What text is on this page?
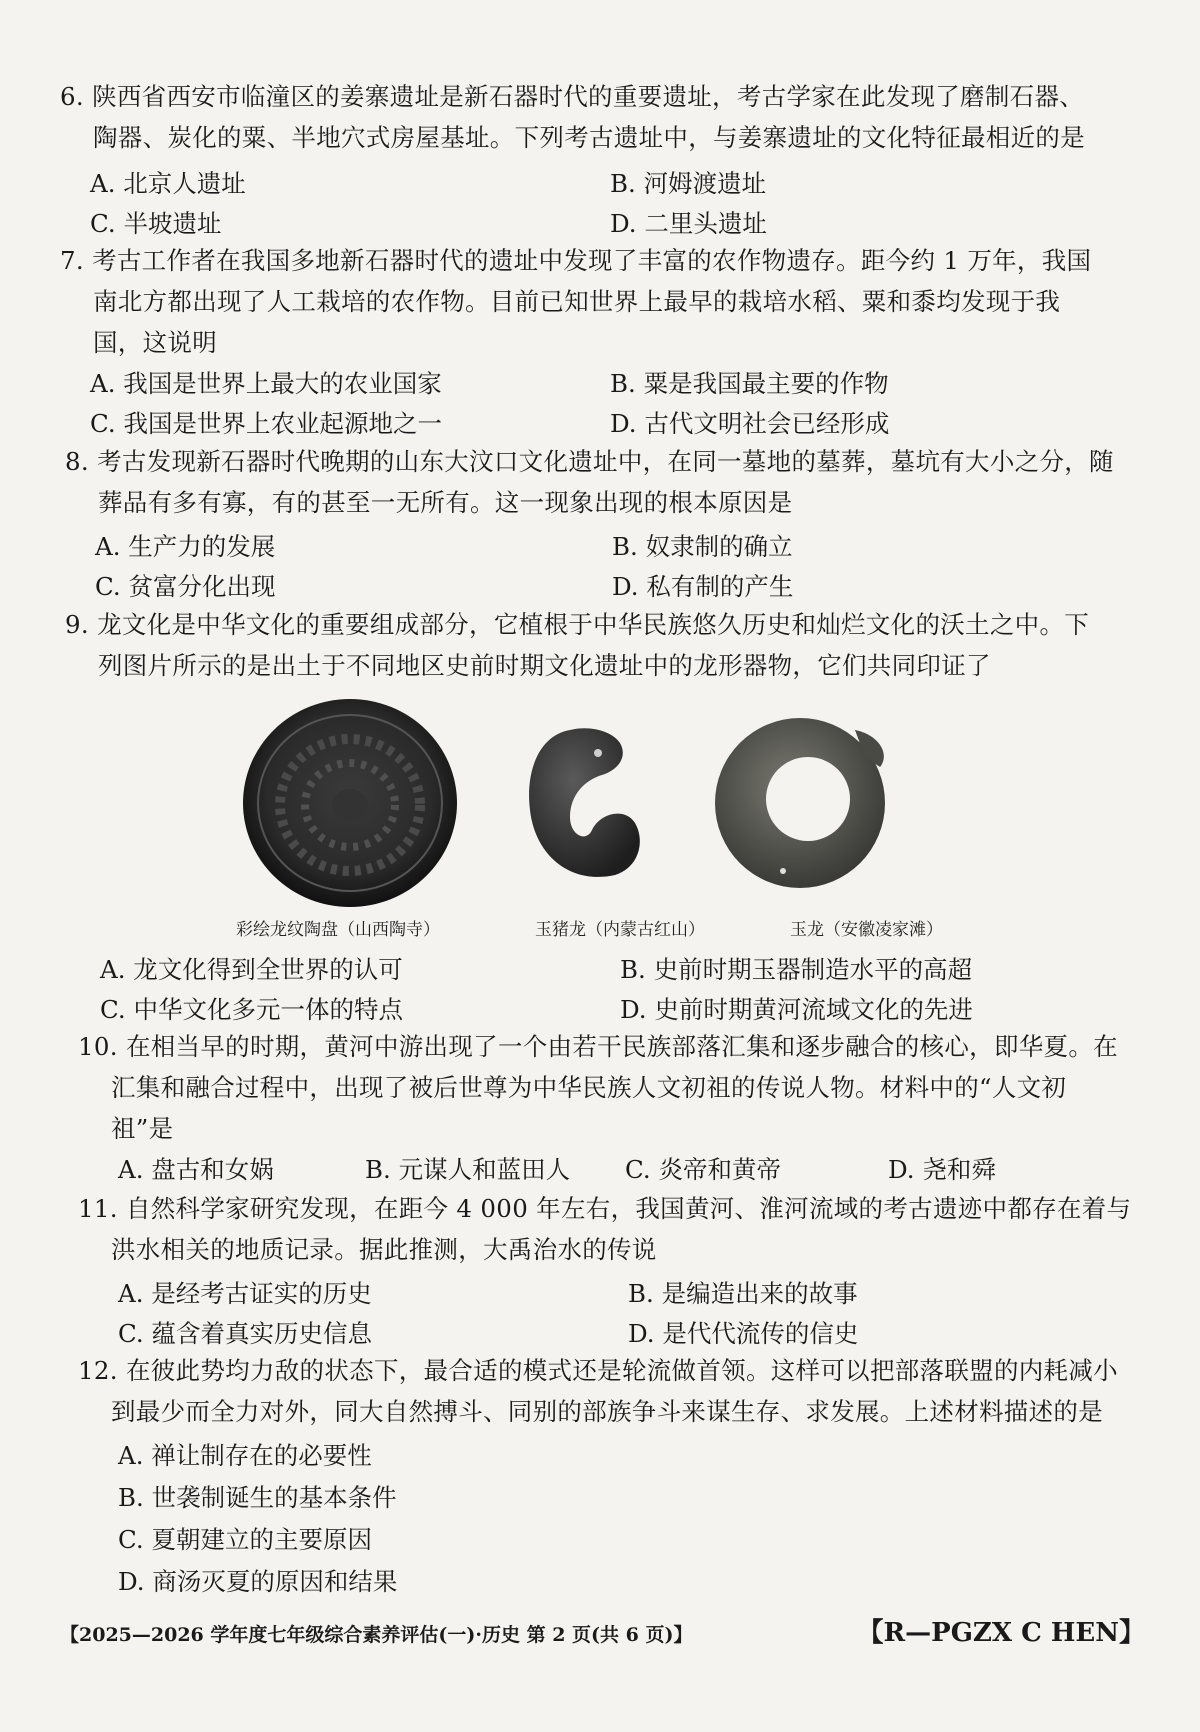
6. 陕西省西安市临潼区的姜寨遗址是新石器时代的重要遗址，考古学家在此发现了磨制石器、
陶器、炭化的粟、半地穴式房屋基址。下列考古遗址中，与姜寨遗址的文化特征最相近的是
A. 北京人遗址	B. 河姆渡遗址
C. 半坡遗址	D. 二里头遗址
7. 考古工作者在我国多地新石器时代的遗址中发现了丰富的农作物遗存。距今约 1 万年，我国
南北方都出现了人工栽培的农作物。目前已知世界上最早的栽培水稻、粟和黍均发现于我
国，这说明
A. 我国是世界上最大的农业国家	B. 粟是我国最主要的作物
C. 我国是世界上农业起源地之一	D. 古代文明社会已经形成
8. 考古发现新石器时代晚期的山东大汶口文化遗址中，在同一墓地的墓葬，墓坑有大小之分，随
葬品有多有寡，有的甚至一无所有。这一现象出现的根本原因是
A. 生产力的发展	B. 奴隶制的确立
C. 贫富分化出现	D. 私有制的产生
9. 龙文化是中华文化的重要组成部分，它植根于中华民族悠久历史和灿烂文化的沃土之中。下
列图片所示的是出土于不同地区史前时期文化遗址中的龙形器物，它们共同印证了
彩绘龙纹陶盘（山西陶寺）	玉猪龙（内蒙古红山）	玉龙（安徽凌家滩）
A. 龙文化得到全世界的认可	B. 史前时期玉器制造水平的高超
C. 中华文化多元一体的特点	D. 史前时期黄河流域文化的先进
10. 在相当早的时期，黄河中游出现了一个由若干民族部落汇集和逐步融合的核心，即华夏。在
汇集和融合过程中，出现了被后世尊为中华民族人文初祖的传说人物。材料中的“人文初
祖”是
A. 盘古和女娲	B. 元谋人和蓝田人 C. 炎帝和黄帝	D. 尧和舜
11. 自然科学家研究发现，在距今 4 000 年左右，我国黄河、淮河流域的考古遗迹中都存在着与
洪水相关的地质记录。据此推测，大禹治水的传说
A. 是经考古证实的历史	B. 是编造出来的故事
C. 蕴含着真实历史信息	D. 是代代流传的信史
12. 在彼此势均力敌的状态下，最合适的模式还是轮流做首领。这样可以把部落联盟的内耗减小
到最少而全力对外，同大自然搏斗、同别的部族争斗来谋生存、求发展。上述材料描述的是
A. 禅让制存在的必要性
B. 世袭制诞生的基本条件
C. 夏朝建立的主要原因
D. 商汤灭夏的原因和结果
【2025—2026 学年度七年级综合素养评估(一)·历史 第 2 页(共 6 页)】	【R—PGZX C HEN】
